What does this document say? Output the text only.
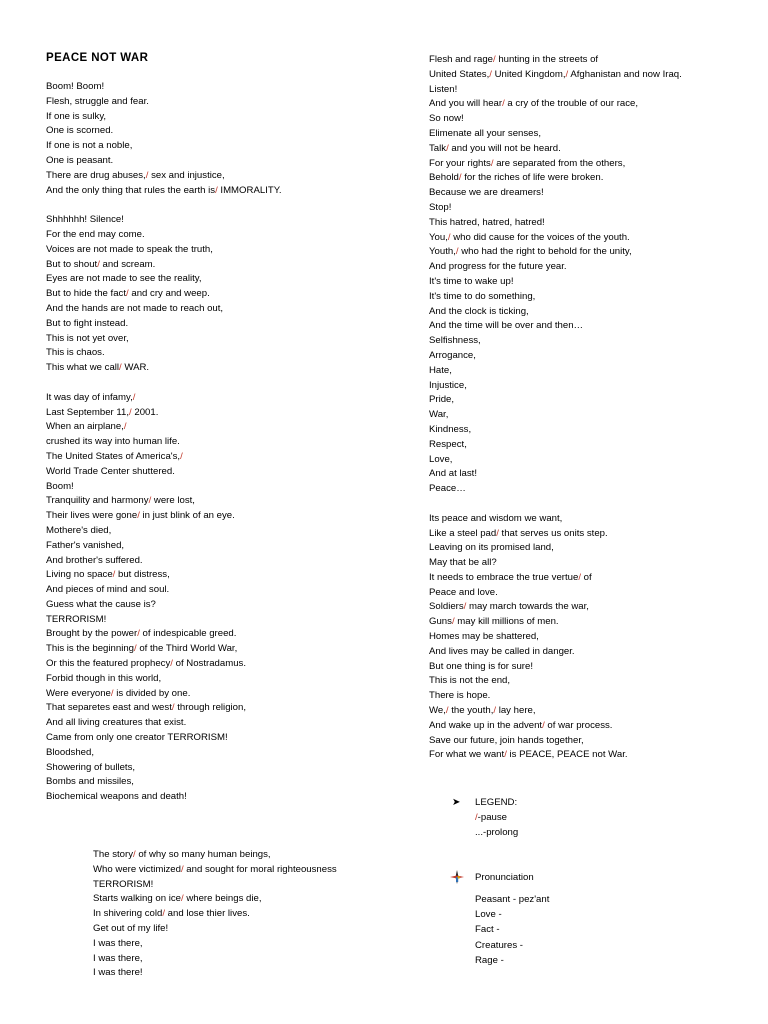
PEACE NOT WAR
Boom! Boom!
Flesh, struggle and fear.
If one is sulky,
One is scorned.
If one is not a noble,
One is peasant.
There are drug abuses,/ sex and injustice,
And the only thing that rules the earth is/ IMMORALITY.
Shhhhhh! Silence!
For the end may come.
Voices are not made to speak the truth,
But to shout/ and scream.
Eyes are not made to see the reality,
But to hide the fact/ and cry and weep.
And the hands are not made to reach out,
But to fight instead.
This is not yet over,
This is chaos.
This what we call/ WAR.
It was day of infamy,/
Last September 11,/ 2001.
When an airplane,/
crushed its way into human life.
The United States of America's,/
World Trade Center shuttered.
Boom!
Tranquility and harmony/ were lost,
Their lives were gone/ in just blink of an eye.
Mothere's died,
Father's vanished,
And brother's suffered.
Living no space/ but distress,
And pieces of mind and soul.
Guess what the cause is?
TERRORISM!
Brought by the power/ of indespicable greed.
This is the beginning/ of the Third World War,
Or this the featured prophecy/ of Nostradamus.
Forbid though in this world,
Were everyone/ is divided by one.
That separetes east and west/ through religion,
And all living creatures that exist.
Came from only one creator TERRORISM!
Bloodshed,
Showering of bullets,
Bombs and missiles,
Biochemical weapons and death!
Flesh and rage/ hunting in the streets of
United States,/ United Kingdom,/ Afghanistan and now Iraq.
Listen!
And you will hear/ a cry of the trouble of our race,
So now!
Elimenate all your senses,
Talk/ and you will not be heard.
For your rights/ are separated from the others,
Behold/ for the riches of life were broken.
Because we are dreamers!
Stop!
This hatred, hatred, hatred!
You,/ who did cause for the voices of the youth.
Youth,/ who had the right to behold for the unity,
And progress for the future year.
It's time to wake up!
It's time to do something,
And the clock is ticking,
And the time will be over and then…
Selfishness,
Arrogance,
Hate,
Injustice,
Pride,
War,
Kindness,
Respect,
Love,
And at last!
Peace…
Its peace and wisdom we want,
Like a steel pad/ that serves us onits step.
Leaving on its promised land,
May that be all?
It needs to embrace the true vertue/ of
Peace and love.
Soldiers/ may march towards the war,
Guns/ may kill millions of men.
Homes may be shattered,
And lives may be called in danger.
But one thing is for sure!
This is not the end,
There is hope.
We,/ the youth,/ lay here,
And wake up in the advent/ of war process.
Save our future, join hands together,
For what we want/ is PEACE, PEACE not War.
The story/ of why so many human beings,
Who were victimized/ and sought for moral righteousness
TERRORISM!
Starts walking on ice/ where beings die,
In shivering cold/ and lose thier lives.
Get out of my life!
I was there,
I was there,
I was there!
➤	LEGEND:
/ -pause
...-prolong
Pronunciation
Peasant - pez'ant
Love -
Fact -
Creatures -
Rage -
